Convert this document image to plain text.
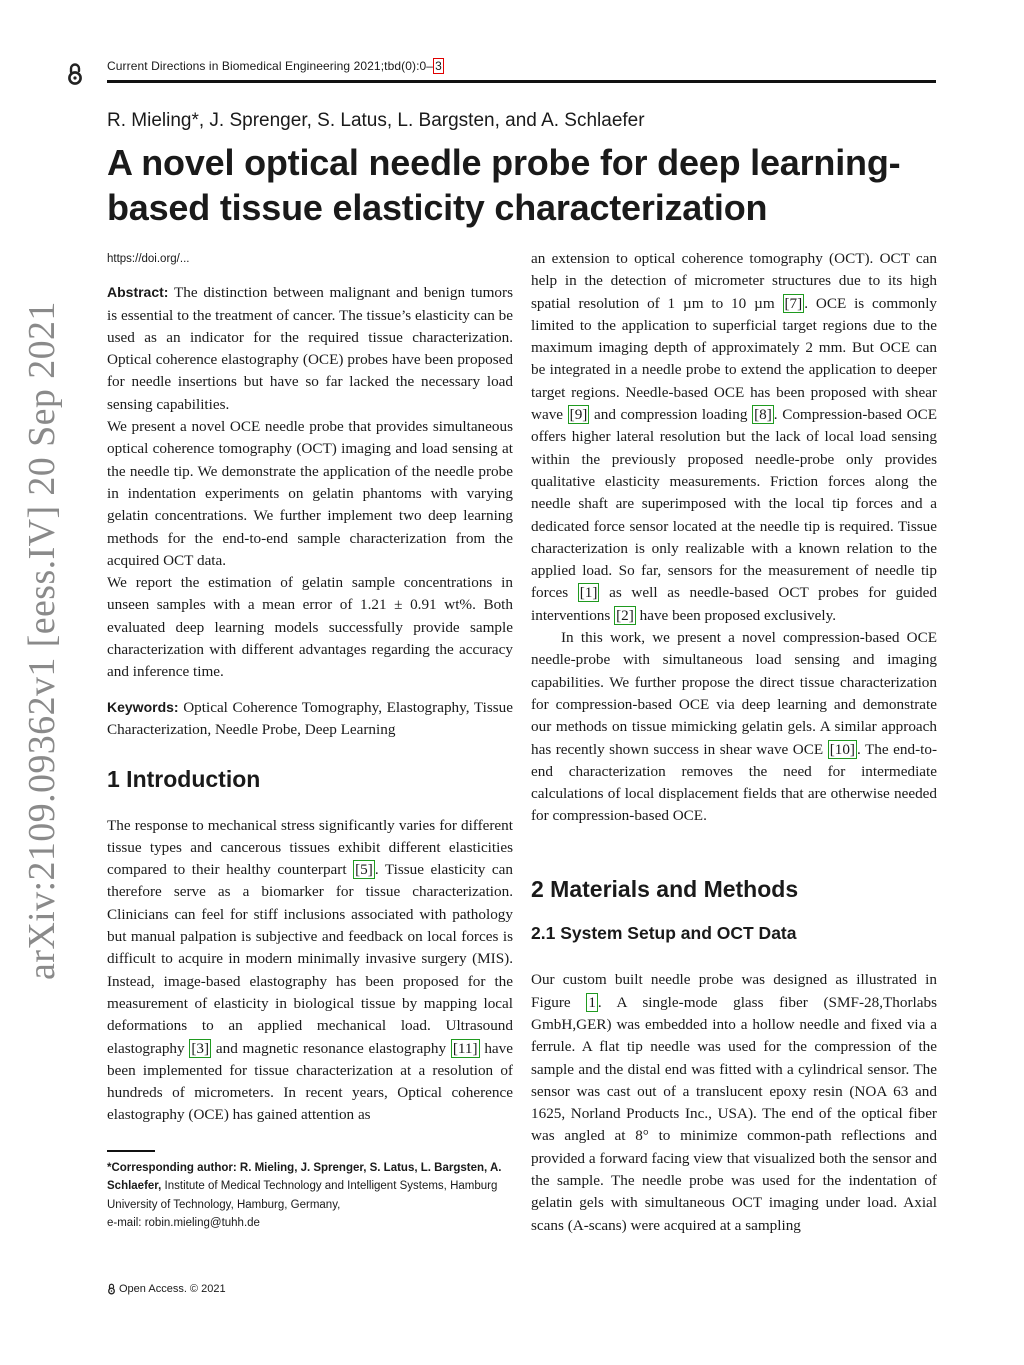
Current Directions in Biomedical Engineering 2021;tbd(0):0– 3
R. Mieling*, J. Sprenger, S. Latus, L. Bargsten, and A. Schlaefer
A novel optical needle probe for deep learning-based tissue elasticity characterization
arXiv:2109.09362v1 [eess.IV] 20 Sep 2021

https://doi.org/...

Abstract: The distinction between malignant and benign tumors is essential to the treatment of cancer. The tissue’s elasticity can be used as an indicator for the required tissue characterization. Optical coherence elastography (OCE) probes have been proposed for needle insertions but have so far lacked the necessary load sensing capabilities.

We present a novel OCE needle probe that provides simultaneous optical coherence tomography (OCT) imaging and load sensing at the needle tip. We demonstrate the application of the needle probe in indentation experiments on gelatin phantoms with varying gelatin concentrations. We further implement two deep learning methods for the end-to-end sample characterization from the acquired OCT data.

We report the estimation of gelatin sample concentrations in unseen samples with a mean error of 1.21 ± 0.91 wt%. Both evaluated deep learning models successfully provide sample characterization with different advantages regarding the accuracy and inference time.

Keywords: Optical Coherence Tomography, Elastography, Tissue Characterization, Needle Probe, Deep Learning

1 Introduction

The response to mechanical stress significantly varies for different tissue types and cancerous tissues exhibit different elasticities compared to their healthy counterpart [5] . Tissue elasticity can therefore serve as a biomarker for tissue characterization. Clinicians can feel for stiff inclusions associated with pathology but manual palpation is subjective and feedback on local forces is difficult to acquire in modern minimally invasive surgery (MIS). Instead, image-based elastography has been proposed for the measurement of elasticity in biological tissue by mapping local deformations to an applied mechanical load. Ultrasound elastography [3] and magnetic resonance elastography [11] have been implemented for tissue characterization at a resolution of hundreds of micrometers. In recent years, Optical coherence elastography (OCE) has gained attention as

*Corresponding author: R. Mieling, J. Sprenger, S. Latus, L. Bargsten, A. Schlaefer, Institute of Medical Technology and Intelligent Systems, Hamburg University of Technology, Hamburg, Germany,
e-mail: robin.mieling@tuhh.de

an extension to optical coherence tomography (OCT). OCT can help in the detection of micrometer structures due to its high spatial resolution of 1 µm to 10 µm [7] . OCE is commonly limited to the application to superficial target regions due to the maximum imaging depth of approximately 2 mm. But OCE can be integrated in a needle probe to extend the application to deeper target regions. Needle-based OCE has been proposed with shear wave [9] and compression loading [8] . Compression-based OCE offers higher lateral resolution but the lack of local load sensing within the previously proposed needle-probe only provides qualitative elasticity measurements. Friction forces along the needle shaft are superimposed with the local tip forces and a dedicated force sensor located at the needle tip is required. Tissue characterization is only realizable with a known relation to the applied load. So far, sensors for the measurement of needle tip forces [1] as well as needle-based OCT probes for guided interventions [2] have been proposed exclusively.

In this work, we present a novel compression-based OCE needle-probe with simultaneous load sensing and imaging capabilities. We further propose the direct tissue characterization for compression-based OCE via deep learning and demonstrate our methods on tissue mimicking gelatin gels. A similar approach has recently shown success in shear wave OCE [10] . The end-to-end characterization removes the need for intermediate calculations of local displacement fields that are otherwise needed for compression-based OCE.

2 Materials and Methods

2.1 System Setup and OCT Data

Our custom built needle probe was designed as illustrated in Figure 1 . A single-mode glass fiber (SMF-28,Thorlabs GmbH,GER) was embedded into a hollow needle and fixed via a ferrule. A flat tip needle was used for the compression of the sample and the distal end was fitted with a cylindrical sensor. The sensor was cast out of a translucent epoxy resin (NOA 63 and 1625, Norland Products Inc., USA). The end of the optical fiber was angled at 8° to minimize common-path reflections and provided a forward facing view that visualized both the sensor and the sample. The needle probe was used for the indentation of gelatin gels with simultaneous OCT imaging under load. Axial scans (A-scans) were acquired at a sampling

Open Access. © 2021
